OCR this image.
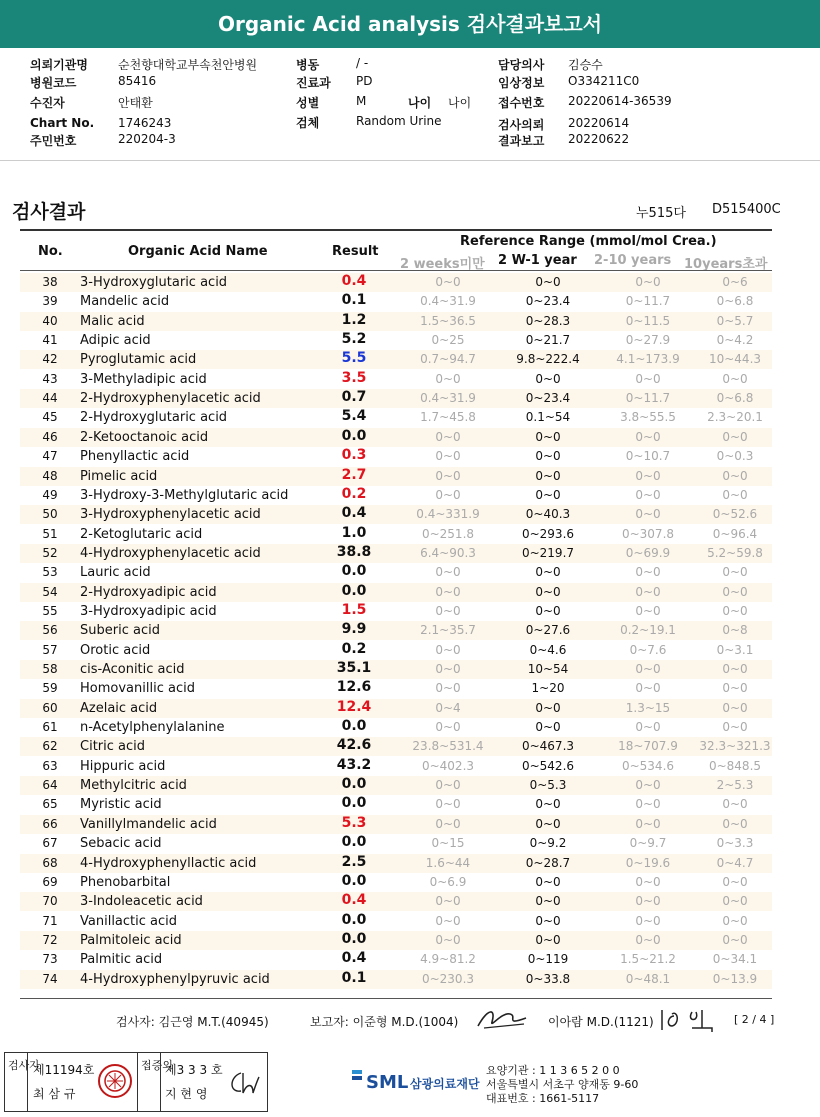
Organic Acid analysis 검사결과보고서
의뢰기관명	순천향대학교부속천안병원
병원코드	85416
수진자	안태환
Chart No. 1746243
주민번호	220204-3
병동	/ -
진료과 PD
성별	M
검체	Random Urine
나이 나이
담당의사 김승수
임상정보 O334211C0
접수번호 20220614-36539
검사의뢰 20220614
결과보고 20220622
검사결과	누515다 D515400C
No.	Organic Acid Name	Result
Reference Range (mmol/mol Crea.)
2 weeks미만 2 W-1 year 2-10 years 10years초과
38	3-Hydroxyglutaric acid	0.4	0~0	0~0	0~0	0~6
39	Mandelic acid	0.1	0.4~31.9	0~23.4	0~11.7	0~6.8
40	Malic acid	1.2	1.5~36.5	0~28.3	0~11.5	0~5.7
41	Adipic acid	5.2	0~25	0~21.7	0~27.9	0~4.2
42	Pyroglutamic acid	5.5	0.7~94.7	9.8~222.4	4.1~173.9	10~44.3
43	3-Methyladipic acid	3.5	0~0	0~0	0~0	0~0
44	2-Hydroxyphenylacetic acid	0.7	0.4~31.9	0~23.4	0~11.7	0~6.8
45	2-Hydroxyglutaric acid	5.4	1.7~45.8	0.1~54	3.8~55.5	2.3~20.1
46	2-Ketooctanoic acid	0.0	0~0	0~0	0~0	0~0
47	Phenyllactic acid	0.3	0~0	0~0	0~10.7	0~0.3
48	Pimelic acid	2.7	0~0	0~0	0~0	0~0
49	3-Hydroxy-3-Methylglutaric acid	0.2	0~0	0~0	0~0	0~0
50	3-Hydroxyphenylacetic acid	0.4	0.4~331.9	0~40.3	0~0	0~52.6
51	2-Ketoglutaric acid	1.0	0~251.8	0~293.6	0~307.8	0~96.4
52	4-Hydroxyphenylacetic acid	38.8	6.4~90.3	0~219.7	0~69.9	5.2~59.8
53	Lauric acid	0.0	0~0	0~0	0~0	0~0
54	2-Hydroxyadipic acid	0.0	0~0	0~0	0~0	0~0
55	3-Hydroxyadipic acid	1.5	0~0	0~0	0~0	0~0
56	Suberic acid	9.9	2.1~35.7	0~27.6	0.2~19.1	0~8
57	Orotic acid	0.2	0~0	0~4.6	0~7.6	0~3.1
58	cis-Aconitic acid	35.1	0~0	10~54	0~0	0~0
59	Homovanillic acid	12.6	0~0	1~20	0~0	0~0
60	Azelaic acid	12.4	0~4	0~0	1.3~15	0~0
61	n-Acetylphenylalanine	0.0	0~0	0~0	0~0	0~0
62	Citric acid	42.6	23.8~531.4	0~467.3	18~707.9	32.3~321.3
63	Hippuric acid	43.2	0~402.3	0~542.6	0~534.6	0~848.5
64	Methylcitric acid	0.0	0~0	0~5.3	0~0	2~5.3
65	Myristic acid	0.0	0~0	0~0	0~0	0~0
66	Vanillylmandelic acid	5.3	0~0	0~0	0~0	0~0
67	Sebacic acid	0.0	0~15	0~9.2	0~9.7	0~3.3
68	4-Hydroxyphenyllactic acid	2.5	1.6~44	0~28.7	0~19.6	0~4.7
69	Phenobarbital	0.0	0~6.9	0~0	0~0	0~0
70	3-Indoleacetic acid	0.4	0~0	0~0	0~0	0~0
71	Vanillactic acid	0.0	0~0	0~0	0~0	0~0
72	Palmitoleic acid	0.0	0~0	0~0	0~0	0~0
73	Palmitic acid	0.4	4.9~81.2	0~119	1.5~21.2	0~34.1
74	4-Hydroxyphenylpyruvic acid	0.1	0~230.3	0~33.8	0~48.1	0~13.9
검사자: 김근영 M.T.(40945)	보고자: 이준형 M.D.(1004)	이아람 M.D.(1121)	[ 2 / 4 ]
검사자
제11194호
최 삼 규
접증의
제3 3 3 호
지 현 영
SML 삼광의료재단
요양기관 : 1 1 3 6 5 2 0 0
서울특별시 서초구 양재동 9-60
대표번호 : 1661-5117
